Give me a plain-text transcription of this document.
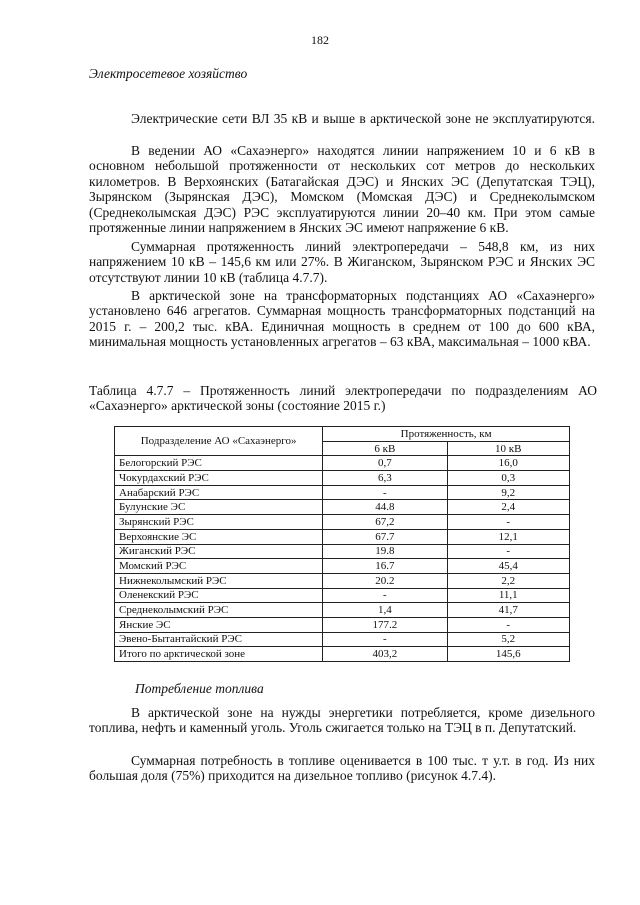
182
Электросетевое хозяйство

Электрические сети ВЛ 35 кВ и выше в арктической зоне не эксплуатируются.

В ведении АО «Сахаэнерго» находятся линии напряжением 10 и 6 кВ в основном небольшой протяженности от нескольких сот метров до нескольких километров. В Верхоянских (Батагайская ДЭС) и Янских ЭС (Депутатская ТЭЦ), Зырянском (Зырянская ДЭС), Момском (Момская ДЭС) и Среднеколымском (Среднеколымская ДЭС) РЭС эксплуатируются линии 20–40 км. При этом самые протяженные линии напряжением в Янских ЭС имеют напряжение 6 кВ.

Суммарная протяженность линий электропередачи – 548,8 км, из них напряжением 10 кВ – 145,6 км или 27%. В Жиганском, Зырянском РЭС и Янских ЭС отсутствуют линии 10 кВ (таблица 4.7.7).

В арктической зоне на трансформаторных подстанциях АО «Сахаэнерго» установлено 646 агрегатов. Суммарная мощность трансформаторных подстанций на 2015 г. – 200,2 тыс. кВА. Единичная мощность в среднем от 100 до 600 кВА, минимальная мощность установленных агрегатов – 63 кВА, максимальная – 1000 кВА.

Таблица 4.7.7 – Протяженность линий электропередачи по подразделениям АО «Сахаэнерго» арктической зоны (состояние 2015 г.)

Подразделение АО «Сахаэнерго»	Протяженность, км	
	6 кВ	10 кВ
Белогорский РЭС	0,7	16,0
Чокурдахский РЭС	6,3	0,3
Анабарский РЭС	-	9,2
Булунские ЭС	44.8	2,4
Зырянский РЭС	67,2	-
Верхоянские ЭС	67.7	12,1
Жиганский РЭС	19.8	-
Момский РЭС	16.7	45,4
Нижнеколымский РЭС	20.2	2,2
Оленекский РЭС	-	11,1
Среднеколымский РЭС	1,4	41,7
Янские ЭС	177.2	-
Эвено-Бытантайский РЭС	-	5,2
Итого по арктической зоне	403,2	145,6
Потребление топлива

В арктической зоне на нужды энергетики потребляется, кроме дизельного топлива, нефть и каменный уголь. Уголь сжигается только на ТЭЦ в п. Депутатский.

Суммарная потребность в топливе оценивается в 100 тыс. т у.т. в год. Из них большая доля (75%) приходится на дизельное топливо (рисунок 4.7.4).
